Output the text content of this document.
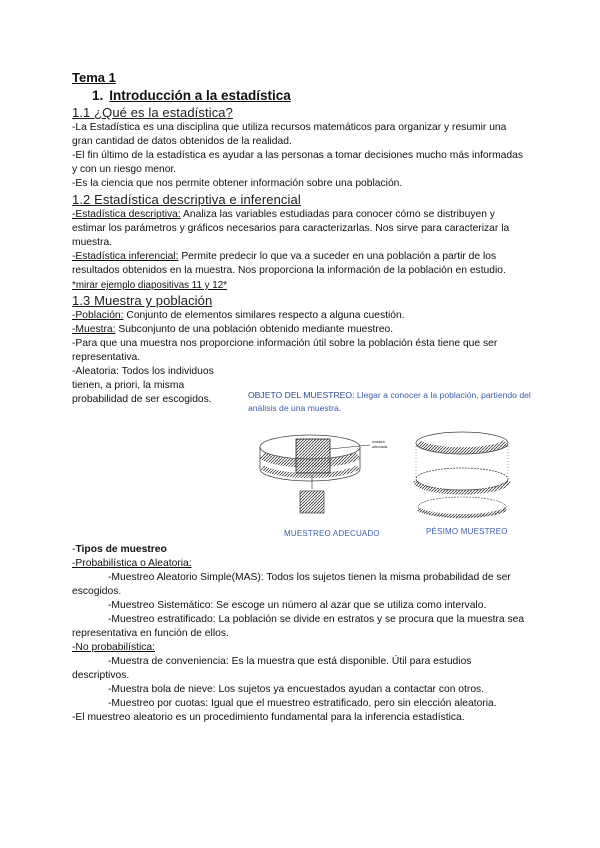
Tema 1

1. Introducción a la estadística

1.1 ¿Qué es la estadística?

-La Estadística es una disciplina que utiliza recursos matemáticos para organizar y resumir una gran cantidad de datos obtenidos de la realidad.

-El fin último de la estadística es ayudar a las personas a tomar decisiones mucho más informadas y con un riesgo menor.

-Es la ciencia que nos permite obtener información sobre una población.

1.2 Estadística descriptiva e inferencial

-Estadística descriptiva: Analiza las variables estudiadas para conocer cómo se distribuyen y estimar los parámetros y gráficos necesarios para caracterizarlas. Nos sirve para caracterizar la muestra.

-Estadística inferencial: Permite predecir lo que va a suceder en una población a partir de los resultados obtenidos en la muestra. Nos proporciona la información de la población en estudio.

*mirar ejemplo diapositivas 11 y 12*

1.3 Muestra y población

-Población: Conjunto de elementos similares respecto a alguna cuestión.

-Muestra: Subconjunto de una población obtenido mediante muestreo.

-Para que una muestra nos proporcione información útil sobre la población ésta tiene que ser representativa.

-Aleatoria: Todos los individuos tienen, a priori, la misma probabilidad de ser escogidos.	OBJETO DEL MUESTREO: Llegar a conocer a la población, partiendo del análisis de una muestra.
muestra
adecuada
MUESTREO ADECUADO	PÉSIMO MUESTREO

-Tipos de muestreo

-Probabilística o Aleatoria:

-Muestreo Aleatorio Simple(MAS): Todos los sujetos tienen la misma probabilidad de ser escogidos.

-Muestreo Sistemático: Se escoge un número al azar que se utiliza como intervalo.

-Muestreo estratificado: La población se divide en estratos y se procura que la muestra sea representativa en función de ellos.

-No probabilística:

-Muestra de conveniencia: Es la muestra que está disponible. Útil para estudios descriptivos.

-Muestra bola de nieve: Los sujetos ya encuestados ayudan a contactar con otros.

-Muestreo por cuotas: Igual que el muestreo estratificado, pero sin elección aleatoria.

-El muestreo aleatorio es un procedimiento fundamental para la inferencia estadística.
